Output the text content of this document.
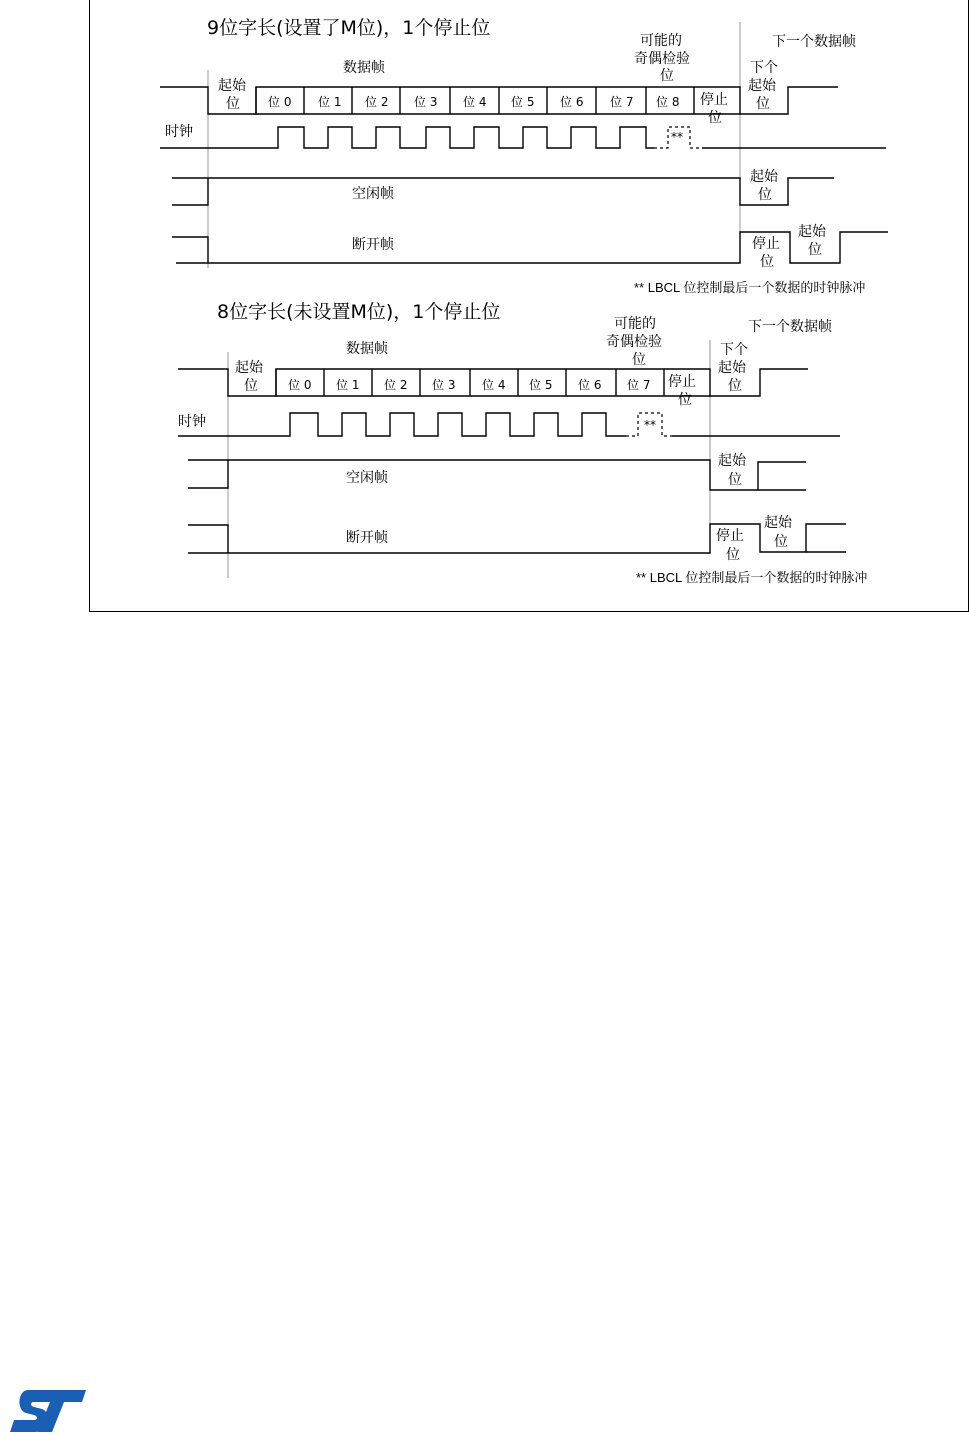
9位字长(设置了M位)，1个停止位
数据帧
可能的
奇偶检验
位
下一个数据帧
起始
位 位 0 位 1 位 2 位 3 位 4 位 5 位 6 位 7 位 8 停止
位
下个
起始
位
时钟	**
空闲帧
起始
位
断开帧	停止
位
起始
位
** LBCL 位控制最后一个数据的时钟脉冲
8位字长(未设置M位)，1个停止位
数据帧
可能的
奇偶检验
位
下一个数据帧
起始
位	位 0 位 1 位 2 位 3 位 4 位 5 位 6 位 7 停止
位
下个
起始
位
时钟	**
空闲帧
起始
位
断开帧	停止
位
起始
位
** LBCL 位控制最后一个数据的时钟脉冲
